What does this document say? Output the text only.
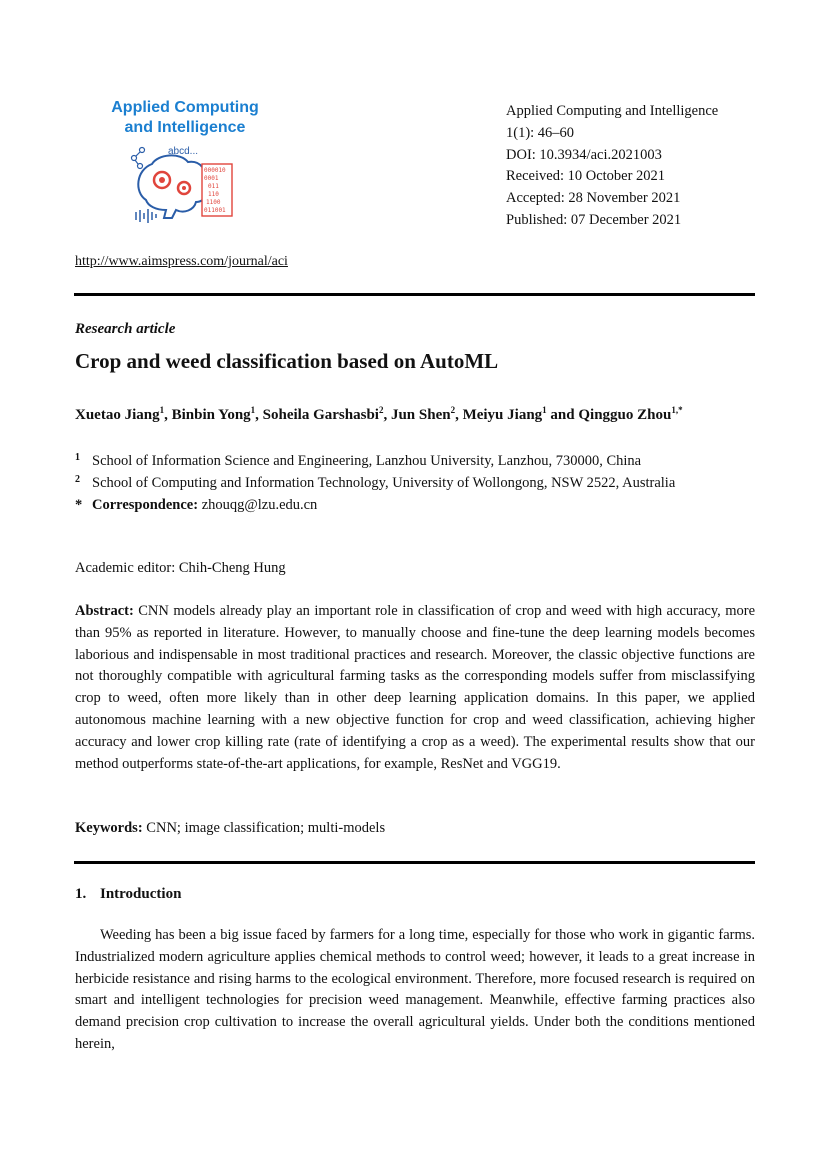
Applied Computing
and Intelligence
000010
0001
011
110
1100
011001
abcd...
Applied Computing and Intelligence
1(1): 46–60
DOI: 10.3934/aci.2021003
Received: 10 October 2021
Accepted: 28 November 2021
Published: 07 December 2021
http://www.aimspress.com/journal/aci
Research article
Crop and weed classification based on AutoML
Xuetao Jiang$^1$, Binbin Yong$^1$, Soheila Garshasbi$^2$, Jun Shen$^2$, Meiyu Jiang$^1$ and Qingguo Zhou$^{1,*}$
1 School of Information Science and Engineering, Lanzhou University, Lanzhou, 730000, China
2 School of Computing and Information Technology, University of Wollongong, NSW 2522, Australia
* Correspondence: zhouqg@lzu.edu.cn
Academic editor: Chih-Cheng Hung
Abstract: CNN models already play an important role in classification of crop and weed with high accuracy, more than 95% as reported in literature. However, to manually choose and fine-tune the deep learning models becomes laborious and indispensable in most traditional practices and research. Moreover, the classic objective functions are not thoroughly compatible with agricultural farming tasks as the corresponding models suffer from misclassifying crop to weed, often more likely than in other deep learning application domains. In this paper, we applied autonomous machine learning with a new objective function for crop and weed classification, achieving higher accuracy and lower crop killing rate (rate of identifying a crop as a weed). The experimental results show that our method outperforms state-of-the-art applications, for example, ResNet and VGG19.
Keywords: CNN; image classification; multi-models
1. Introduction
Weeding has been a big issue faced by farmers for a long time, especially for those who work in gigantic farms. Industrialized modern agriculture applies chemical methods to control weed; however, it leads to a great increase in herbicide resistance and rising harms to the ecological environment. Therefore, more focused research is required on smart and intelligent technologies for precision weed management. Meanwhile, effective farming practices also demand precision crop cultivation to increase the overall agricultural yields. Under both the conditions mentioned herein,
